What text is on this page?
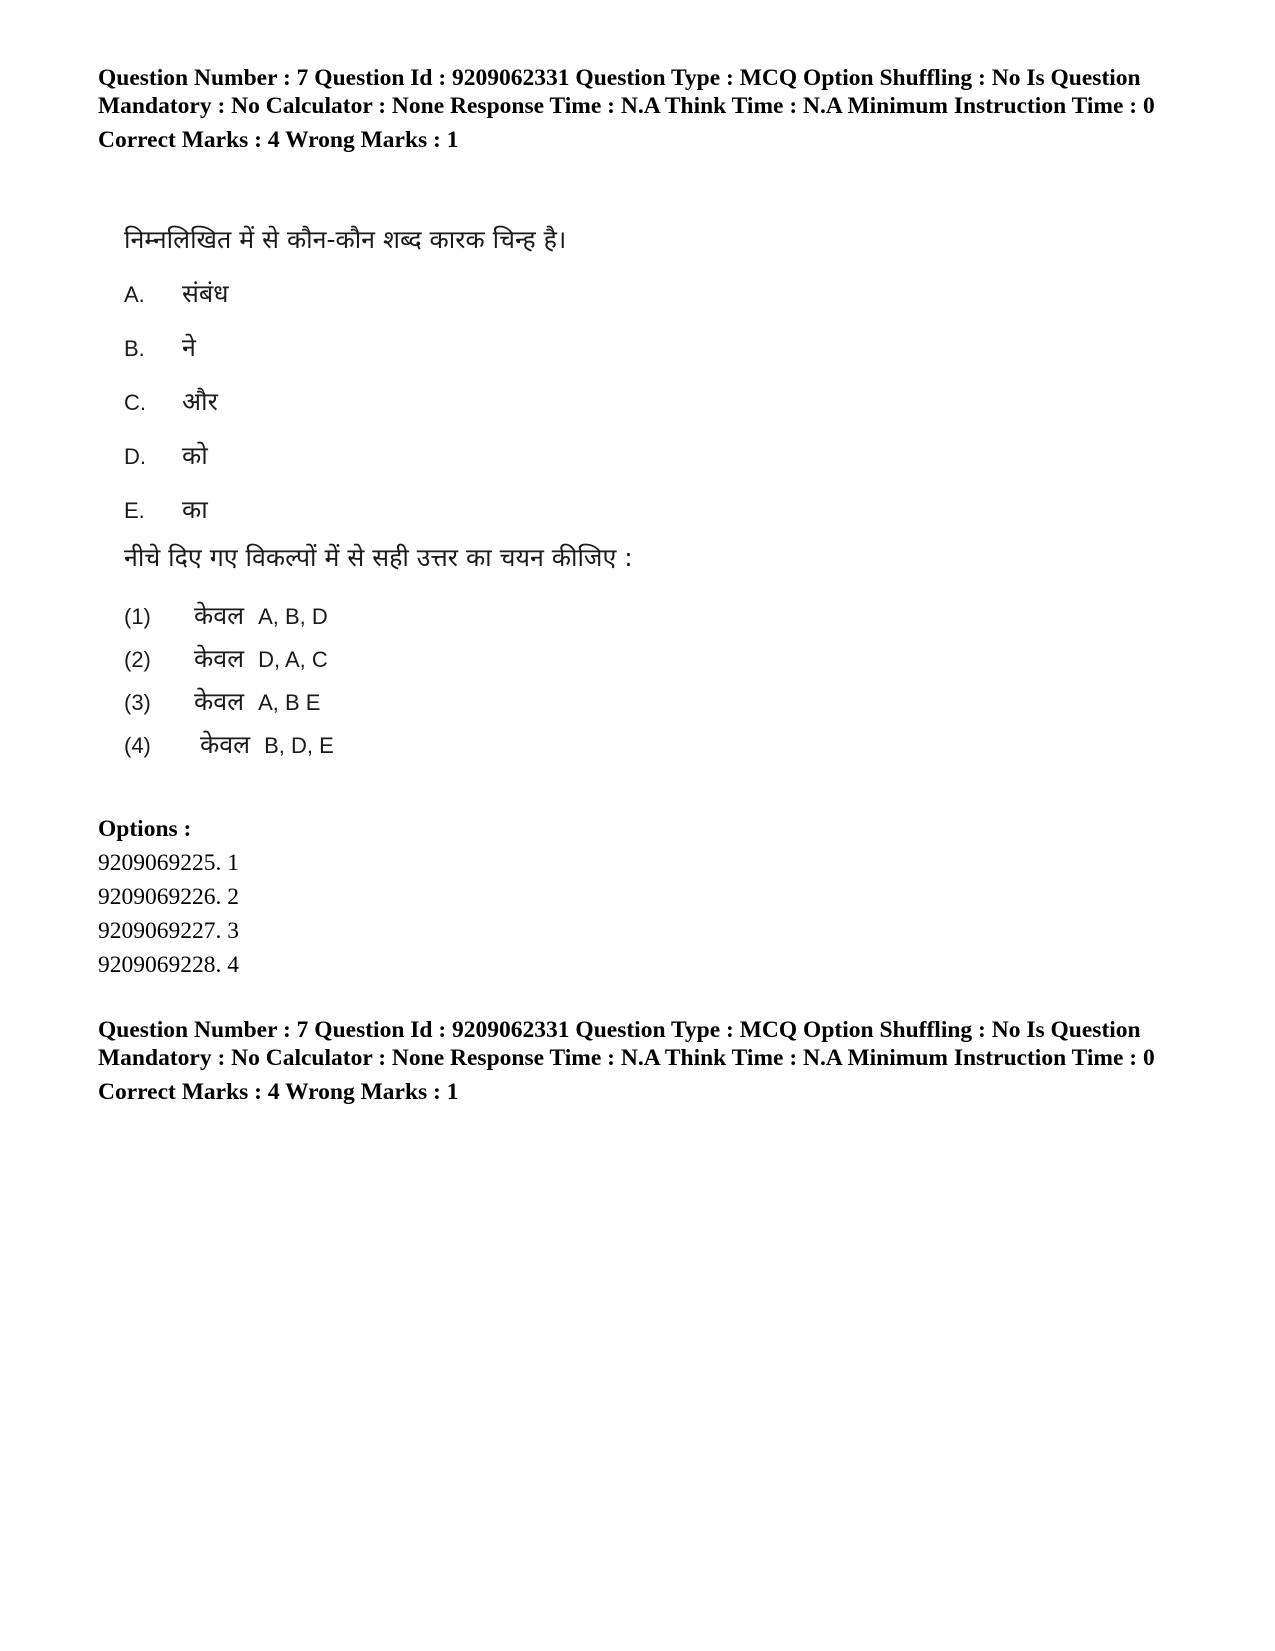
Question Number : 7 Question Id : 9209062331 Question Type : MCQ Option Shuffling : No Is Question Mandatory : No Calculator : None Response Time : N.A Think Time : N.A Minimum Instruction Time : 0
Correct Marks : 4 Wrong Marks : 1
निम्नलिखित में से कौन-कौन शब्द कारक चिन्ह है।
A. संबंध
B. ने
C. और
D. को
E. का
नीचे दिए गए विकल्पों में से सही उत्तर का चयन कीजिए :
(1) केवल A, B, D
(2) केवल D, A, C
(3) केवल A, B E
(4) केवल B, D, E
Options :
9209069225. 1
9209069226. 2
9209069227. 3
9209069228. 4
Question Number : 7 Question Id : 9209062331 Question Type : MCQ Option Shuffling : No Is Question Mandatory : No Calculator : None Response Time : N.A Think Time : N.A Minimum Instruction Time : 0
Correct Marks : 4 Wrong Marks : 1
